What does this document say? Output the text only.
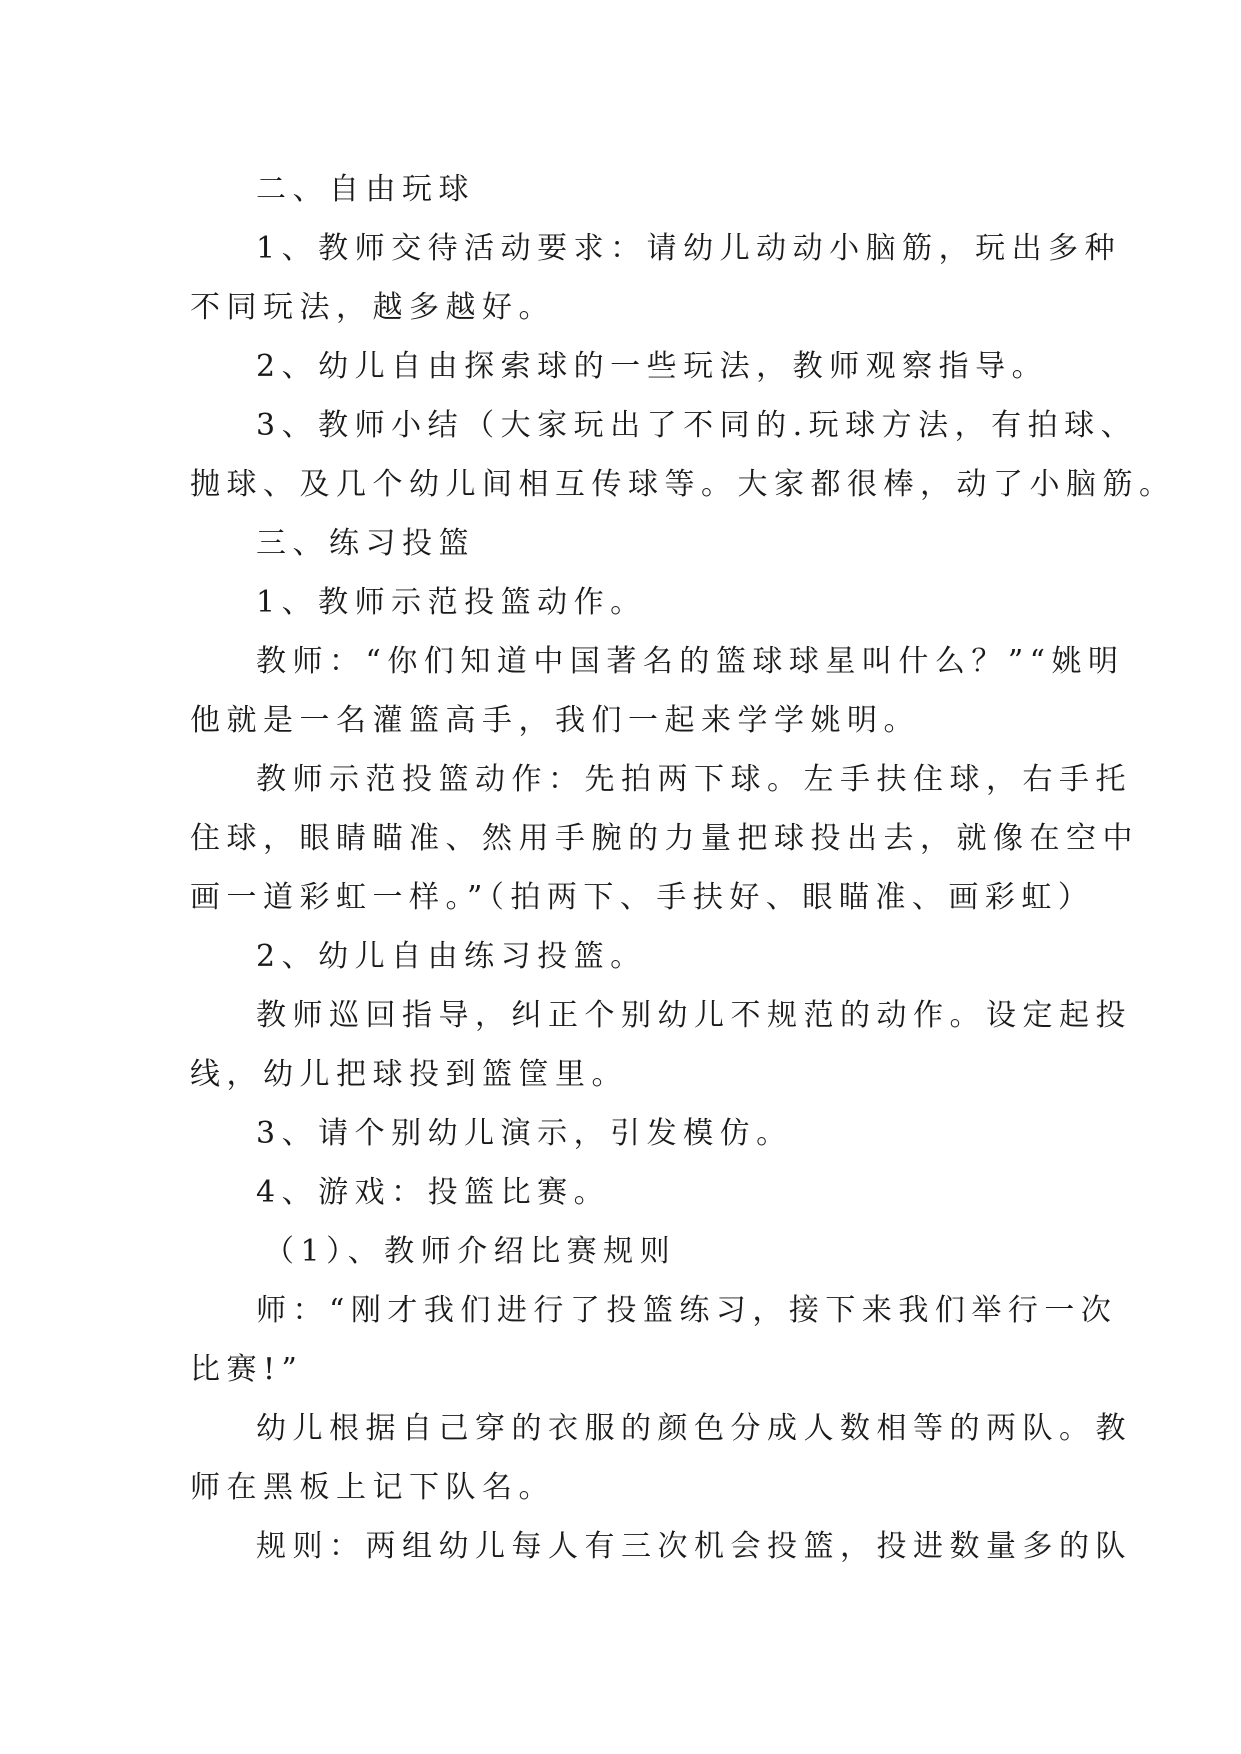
二、自由玩球
1、教师交待活动要求：请幼儿动动小脑筋，玩出多种
不同玩法，越多越好。
2、幼儿自由探索球的一些玩法，教师观察指导。
3、教师小结（大家玩出了不同的.玩球方法，有拍球、
抛球、及几个幼儿间相互传球等。大家都很棒，动了小脑筋。
三、练习投篮
1、教师示范投篮动作。
教师：“你们知道中国著名的篮球球星叫什么？”“姚明
他就是一名灌篮高手，我们一起来学学姚明。
教师示范投篮动作：先拍两下球。左手扶住球，右手托
住球，眼睛瞄准、然用手腕的力量把球投出去，就像在空中
画一道彩虹一样。”（拍两下、手扶好、眼瞄准、画彩虹）
2、幼儿自由练习投篮。
教师巡回指导，纠正个别幼儿不规范的动作。设定起投
线，幼儿把球投到篮筐里。
3、请个别幼儿演示，引发模仿。
4、游戏：投篮比赛。
（1）、教师介绍比赛规则
师：“刚才我们进行了投篮练习，接下来我们举行一次
比赛!”
幼儿根据自己穿的衣服的颜色分成人数相等的两队。教
师在黑板上记下队名。
规则：两组幼儿每人有三次机会投篮，投进数量多的队
